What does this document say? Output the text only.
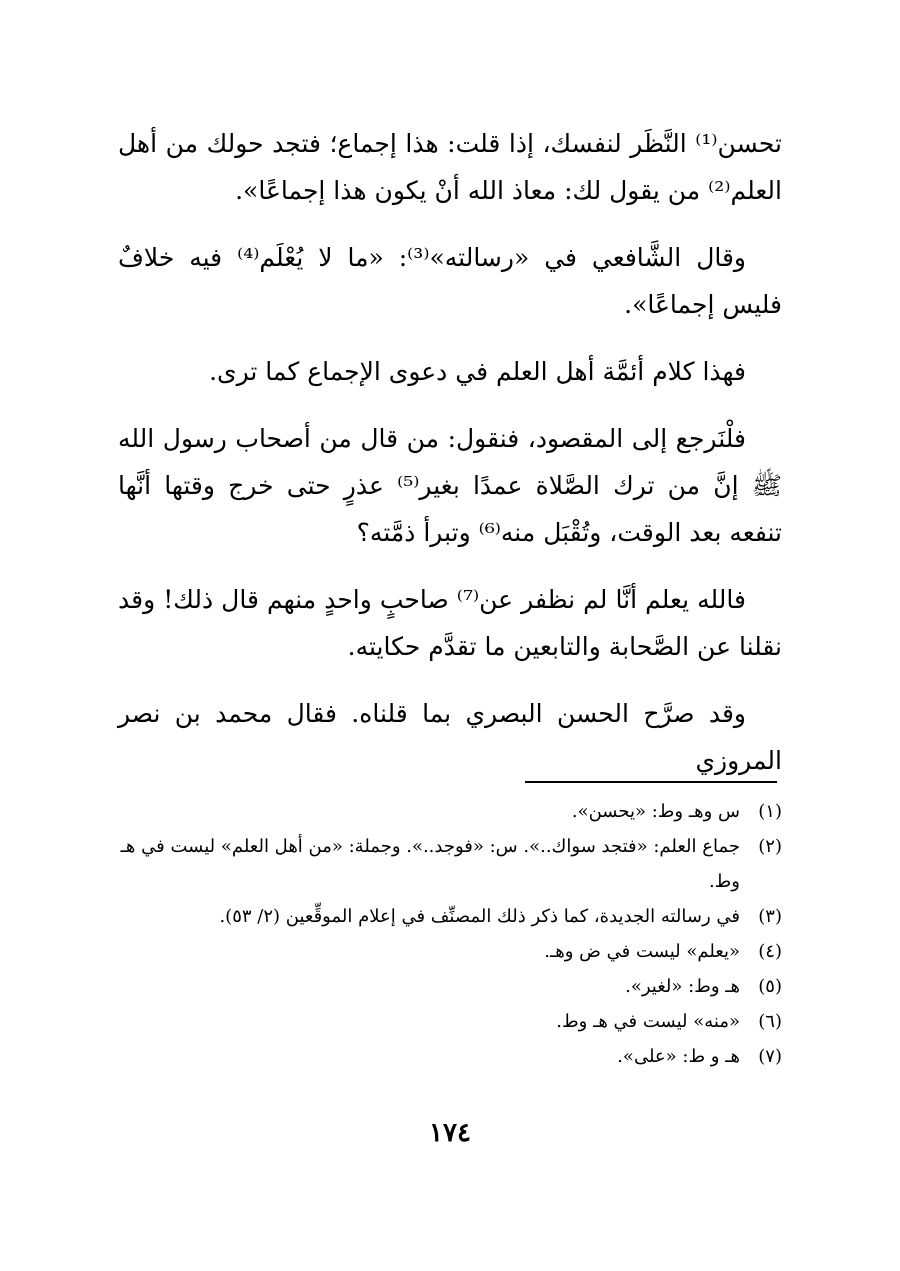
تحسن⁽¹⁾ النَّظَر لنفسك، إذا قلت: هذا إجماع؛ فتجد حولك من أهل العلم⁽²⁾ من يقول لك: معاذ الله أنْ يكون هذا إجماعًا».

وقال الشَّافعي في «رسالته»⁽³⁾: «ما لا يُعْلَم⁽⁴⁾ فيه خلافٌ فليس إجماعًا».

فهذا كلام أئمَّة أهل العلم في دعوى الإجماع كما ترى.

فلْنَرجع إلى المقصود، فنقول: من قال من أصحاب رسول الله ﷺ إنَّ من ترك الصَّلاة عمدًا بغير⁽⁵⁾ عذرٍ حتى خرج وقتها أنَّها تنفعه بعد الوقت، وتُقْبَل منه⁽⁶⁾ وتبرأ ذمَّته؟

فالله يعلم أنَّا لم نظفر عن⁽⁷⁾ صاحبٍ واحدٍ منهم قال ذلك! وقد نقلنا عن الصَّحابة والتابعين ما تقدَّم حكايته.

وقد صرَّح الحسن البصري بما قلناه. فقال محمد بن نصر المروزي

(١)
س وهـ وط: «يحسن».
(٢)
جماع العلم: «فتجد سواك..». س: «فوجد..». وجملة: «من أهل العلم» ليست في هـ وط.
(٣)
في رسالته الجديدة، كما ذكر ذلك المصنِّف في إعلام الموقِّعين (٢/ ٥٣).
(٤)
«يعلم» ليست في ض وهـ.
(٥)
هـ وط: «لغير».
(٦)
«منه» ليست في هـ وط.
(٧)
هـ و ط: «على».
١٧٤
